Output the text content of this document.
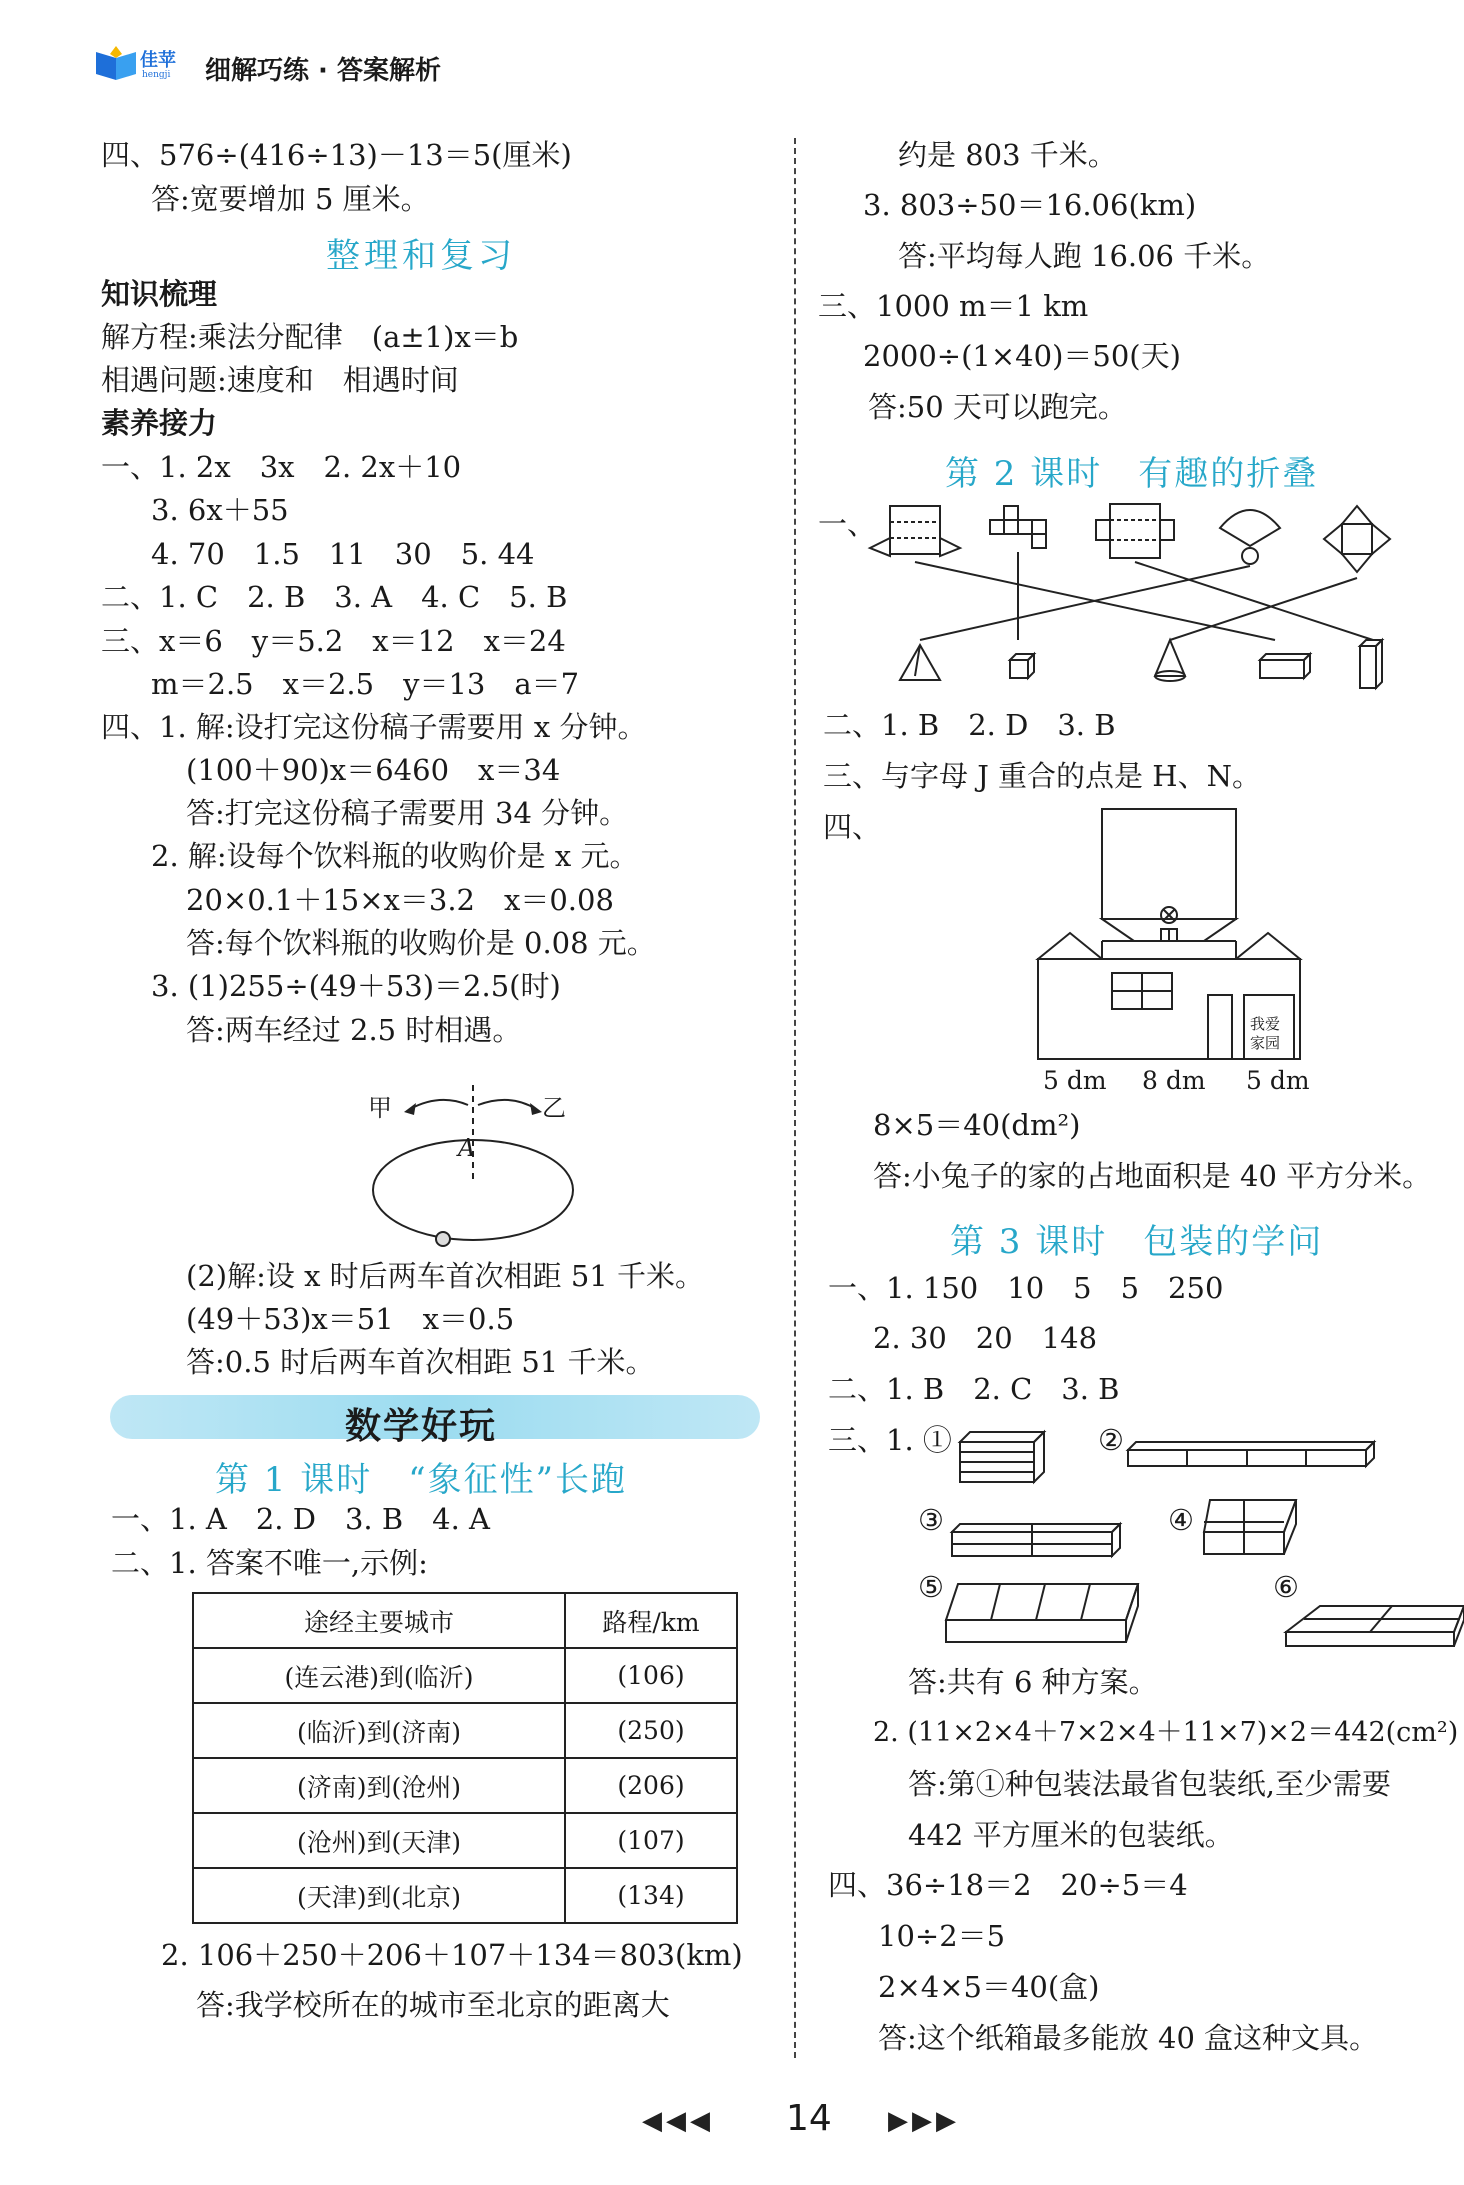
佳苹
hengji 细解巧练 · 答案解析
四、576÷(416÷13)－13＝5(厘米)
答:宽要增加 5 厘米。
整理和复习
知识梳理
解方程:乘法分配律　(a±1)x＝b
相遇问题:速度和　相遇时间
素养接力
一、1. 2x　3x　2. 2x＋10
3. 6x＋55
4. 70　1.5　11　30　5. 44
二、1. C　2. B　3. A　4. C　5. B
三、x＝6　y＝5.2　x＝12　x＝24
m＝2.5　x＝2.5　y＝13　a＝7
四、1. 解:设打完这份稿子需要用 x 分钟。
(100＋90)x＝6460　x＝34
答:打完这份稿子需要用 34 分钟。
2. 解:设每个饮料瓶的收购价是 x 元。
20×0.1＋15×x＝3.2　x＝0.08
答:每个饮料瓶的收购价是 0.08 元。
3. (1)255÷(49＋53)＝2.5(时)
答:两车经过 2.5 时相遇。
甲	乙
A
(2)解:设 x 时后两车首次相距 51 千米。
(49＋53)x＝51　x＝0.5
答:0.5 时后两车首次相距 51 千米。
数学好玩
第 1 课时　“象征性”长跑
一、1. A　2. D　3. B　4. A
二、1. 答案不唯一,示例:
途经主要城市	路程/km
(连云港)到(临沂)	(106)
(临沂)到(济南)	(250)
(济南)到(沧州)	(206)
(沧州)到(天津)	(107)
(天津)到(北京)	(134)
2. 106＋250＋206＋107＋134＝803(km)
答:我学校所在的城市至北京的距离大
约是 803 千米。
3. 803÷50＝16.06(km)
答:平均每人跑 16.06 千米。
三、1000 m＝1 km
2000÷(1×40)＝50(天)
答:50 天可以跑完。
第 2 课时　有趣的折叠
一、
二、1. B　2. D　3. B
三、与字母 J 重合的点是 H、N。
四、
我爱家园
5 dm 8 dm 5 dm
8×5＝40(dm²)
答:小兔子的家的占地面积是 40 平方分米。
第 3 课时　包装的学问
一、1. 150　10　5　5　250
2. 30　20　148
二、1. B　2. C　3. B
三、1. ①	②
③	④
⑤	⑥
答:共有 6 种方案。
2. (11×2×4＋7×2×4＋11×7)×2＝442(cm²)
答:第①种包装法最省包装纸,至少需要
442 平方厘米的包装纸。
四、36÷18＝2　20÷5＝4
10÷2＝5
2×4×5＝40(盒)
答:这个纸箱最多能放 40 盒这种文具。
◀◀◀ 14 ▶▶▶
